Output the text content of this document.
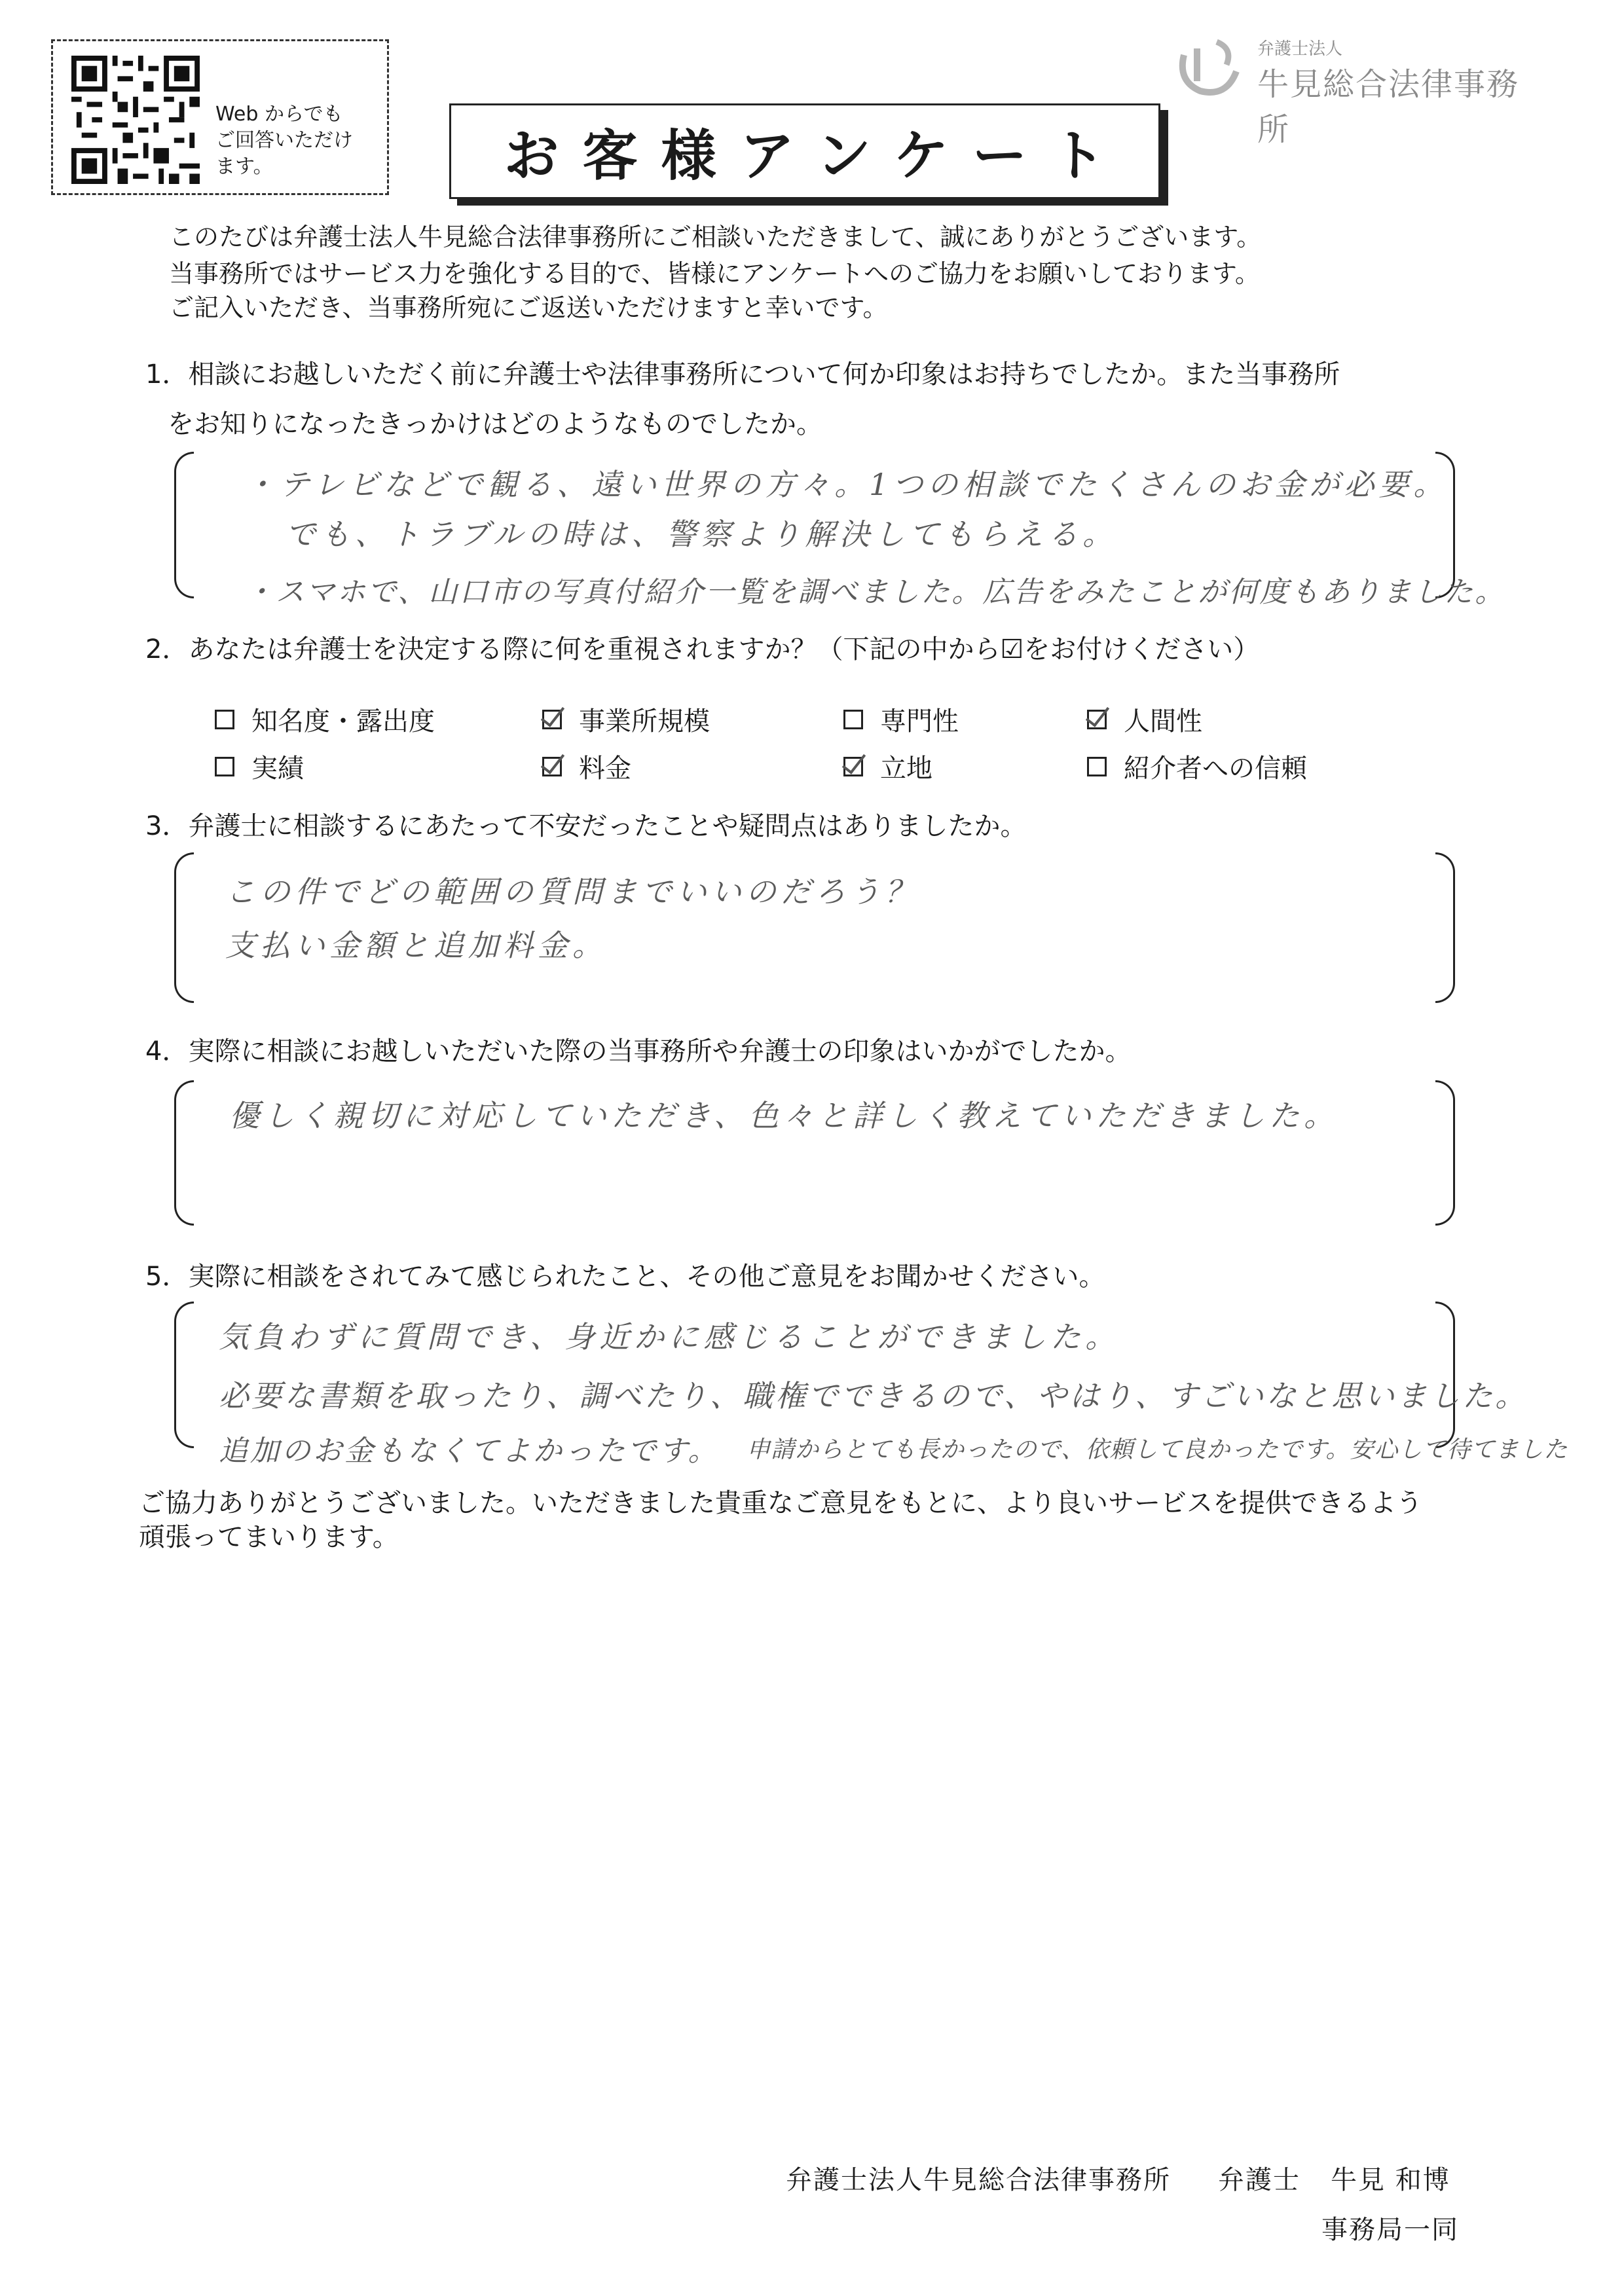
Web からでも
ご回答いただけ
ます。
弁護士法人
牛見総合法律事務所
お客様アンケート
このたびは弁護士法人牛見総合法律事務所にご相談いただきまして、誠にありがとうございます。
当事務所ではサービス力を強化する目的で、皆様にアンケートへのご協力をお願いしております。
ご記入いただき、当事務所宛にご返送いただけますと幸いです。
1．相談にお越しいただく前に弁護士や法律事務所について何か印象はお持ちでしたか。また当事務所
をお知りになったきっかけはどのようなものでしたか。
・テレビなどで観る、遠い世界の方々。1つの相談でたくさんのお金が必要。
でも、トラブルの時は、警察より解決してもらえる。
・スマホで、山口市の写真付紹介一覧を調べました。広告をみたことが何度もありました。
2．あなたは弁護士を決定する際に何を重視されますか？（下記の中から☑をお付けください）
知名度・露出度	事業所規模	専門性	人間性
実績	料金	立地	紹介者への信頼
3．弁護士に相談するにあたって不安だったことや疑問点はありましたか。
この件でどの範囲の質問までいいのだろう？
支払い金額と追加料金。
4．実際に相談にお越しいただいた際の当事務所や弁護士の印象はいかがでしたか。
優しく親切に対応していただき、色々と詳しく教えていただきました。
5．実際に相談をされてみて感じられたこと、その他ご意見をお聞かせください。
気負わずに質問でき、身近かに感じることができました。
必要な書類を取ったり、調べたり、職権でできるので、やはり、すごいなと思いました。
追加のお金もなくてよかったです。 申請からとても長かったので、依頼して良かったです。安心して待てました
ご協力ありがとうございました。いただきました貴重なご意見をもとに、より良いサービスを提供できるよう
頑張ってまいります。
弁護士法人牛見総合法律事務所 弁護士 牛見 和博
事務局一同
